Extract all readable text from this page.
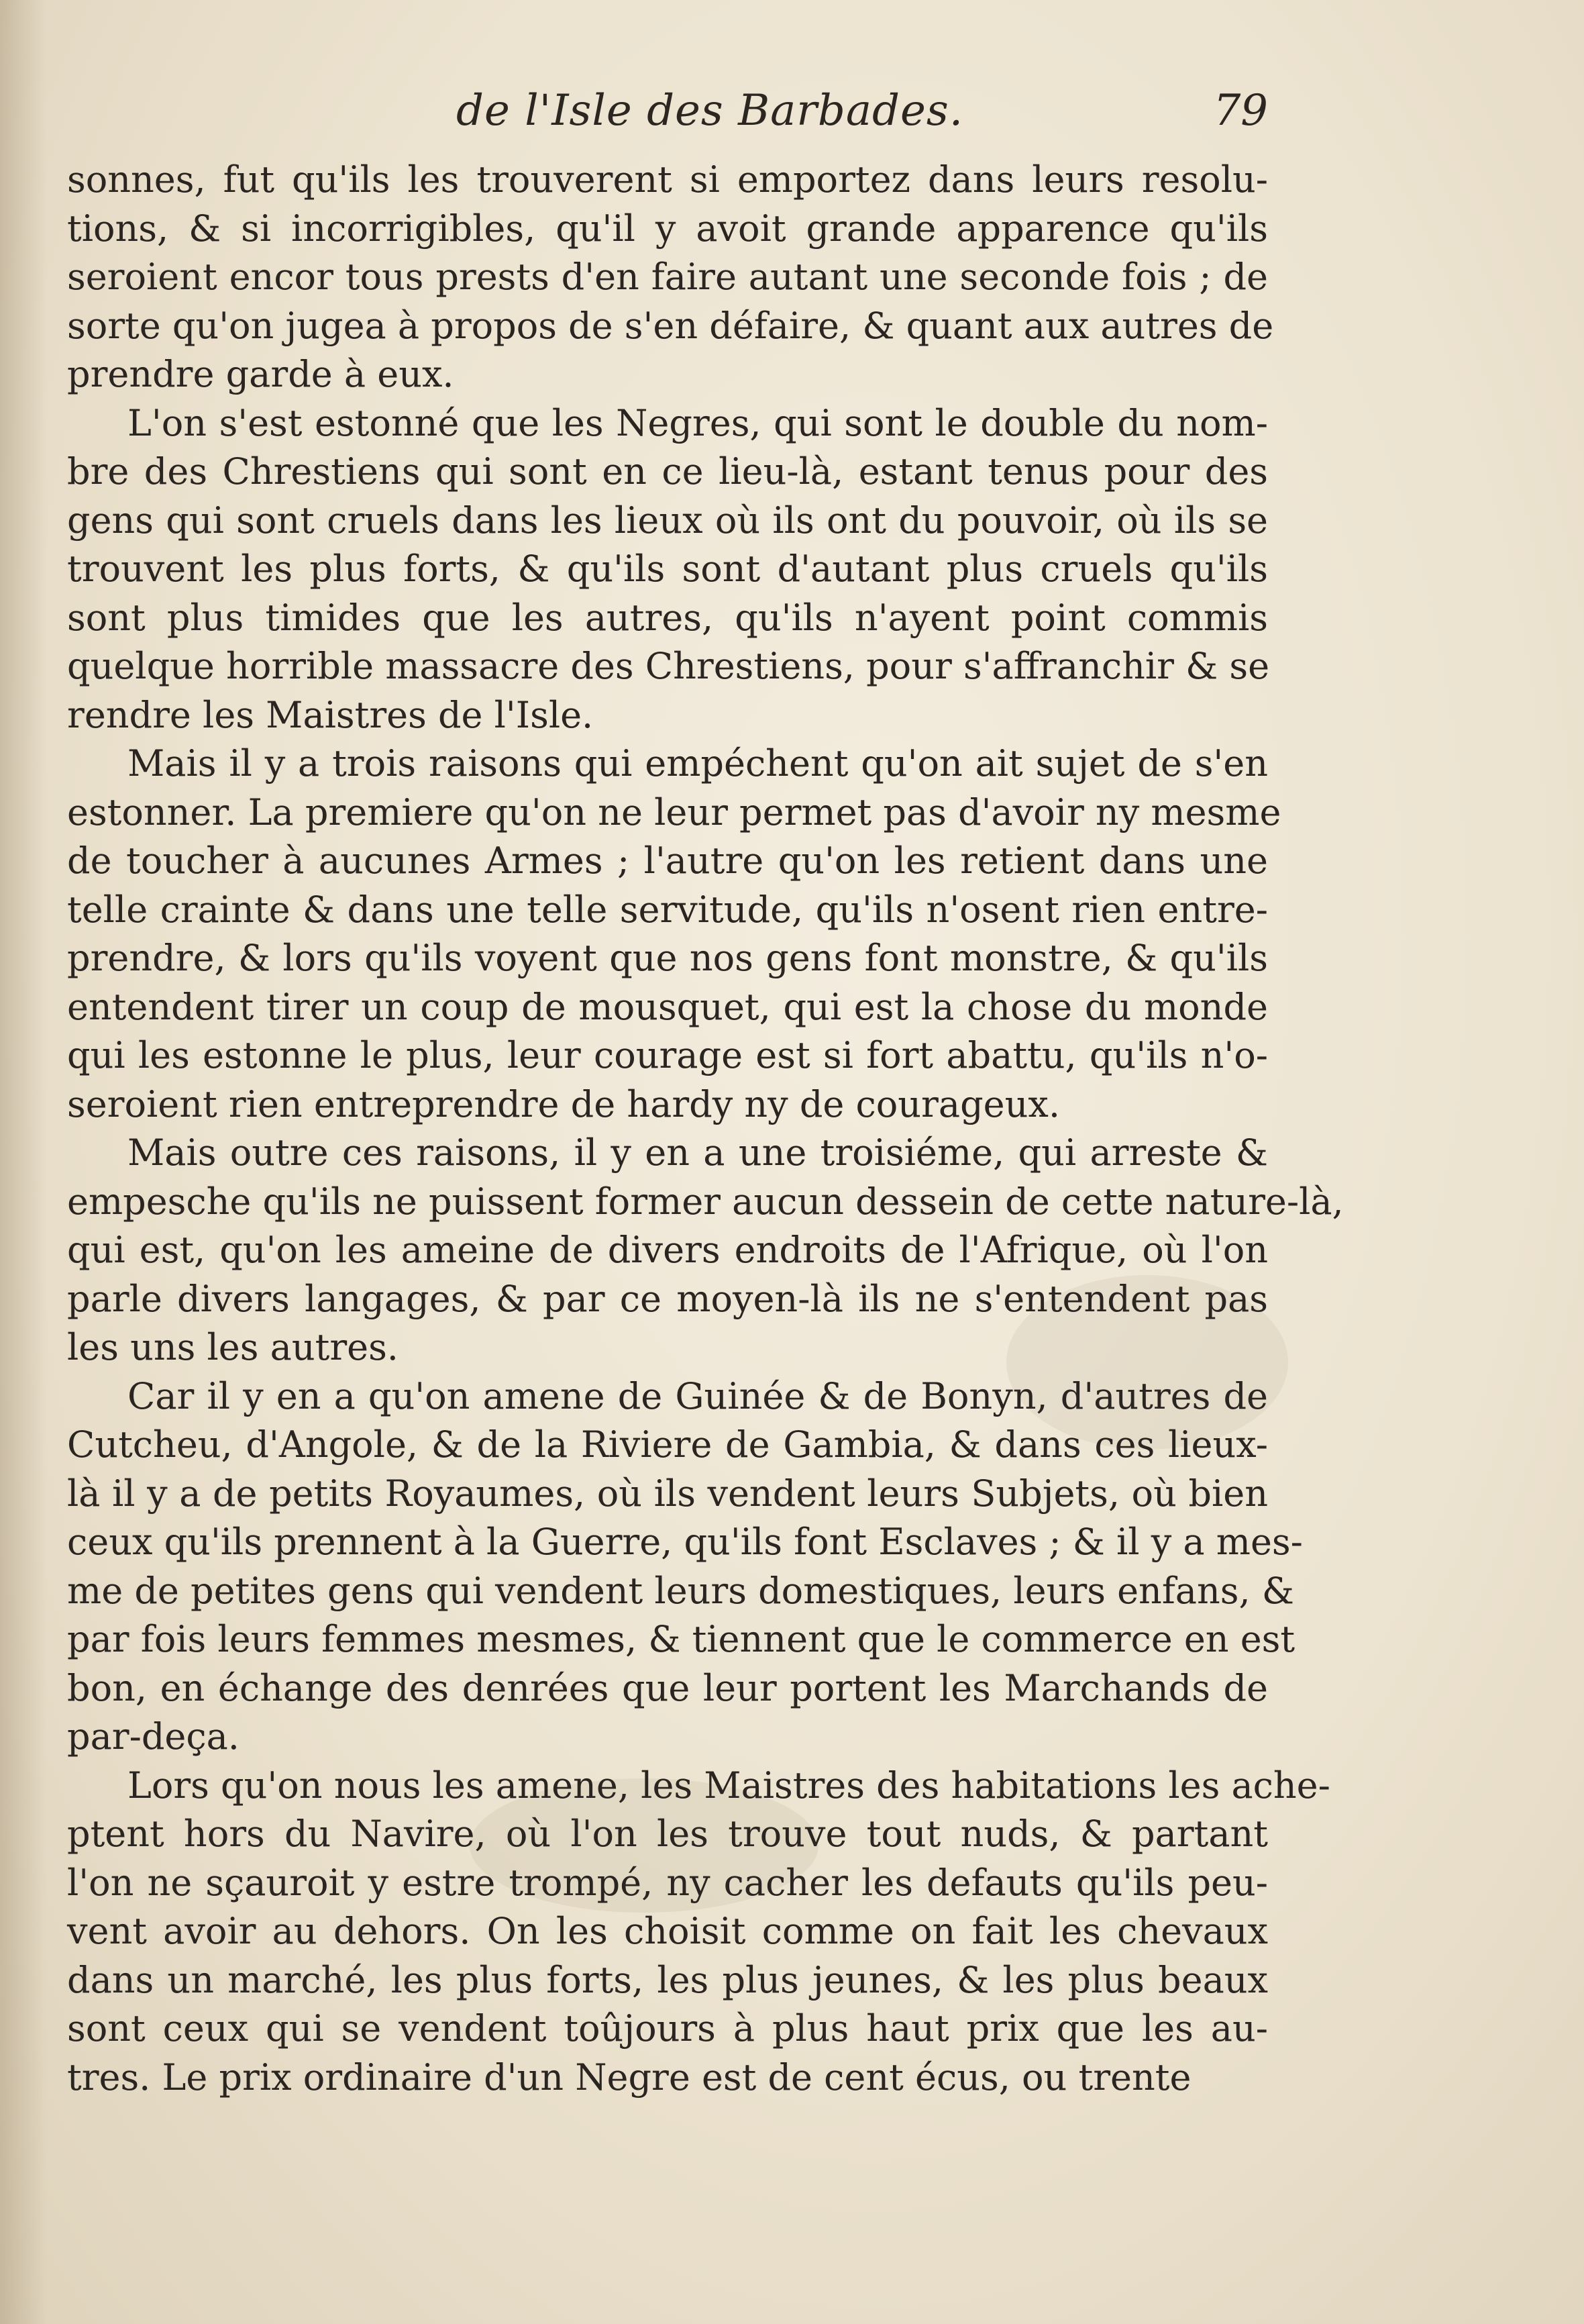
de l'Isle des Barbades.	79
sonnes, fut qu'ils les trouverent si emportez dans leurs resolu-
tions, & si incorrigibles, qu'il y avoit grande apparence qu'ils
seroient encor tous prests d'en faire autant une seconde fois ; de
sorte qu'on jugea à propos de s'en défaire, & quant aux autres de
prendre garde à eux.
L'on s'est estonné que les Negres, qui sont le double du nom-
bre des Chrestiens qui sont en ce lieu-là, estant tenus pour des
gens qui sont cruels dans les lieux où ils ont du pouvoir, où ils se
trouvent les plus forts, & qu'ils sont d'autant plus cruels qu'ils
sont plus timides que les autres, qu'ils n'ayent point commis
quelque horrible massacre des Chrestiens, pour s'affranchir & se
rendre les Maistres de l'Isle.
Mais il y a trois raisons qui empéchent qu'on ait sujet de s'en
estonner. La premiere qu'on ne leur permet pas d'avoir ny mesme
de toucher à aucunes Armes ; l'autre qu'on les retient dans une
telle crainte & dans une telle servitude, qu'ils n'osent rien entre-
prendre, & lors qu'ils voyent que nos gens font monstre, & qu'ils
entendent tirer un coup de mousquet, qui est la chose du monde
qui les estonne le plus, leur courage est si fort abattu, qu'ils n'o-
seroient rien entreprendre de hardy ny de courageux.
Mais outre ces raisons, il y en a une troisiéme, qui arreste &
empesche qu'ils ne puissent former aucun dessein de cette nature-là,
qui est, qu'on les ameine de divers endroits de l'Afrique, où l'on
parle divers langages, & par ce moyen-là ils ne s'entendent pas
les uns les autres.
Car il y en a qu'on amene de Guinée & de Bonyn, d'autres de
Cutcheu, d'Angole, & de la Riviere de Gambia, & dans ces lieux-
là il y a de petits Royaumes, où ils vendent leurs Subjets, où bien
ceux qu'ils prennent à la Guerre, qu'ils font Esclaves ; & il y a mes-
me de petites gens qui vendent leurs domestiques, leurs enfans, &
par fois leurs femmes mesmes, & tiennent que le commerce en est
bon, en échange des denrées que leur portent les Marchands de
par-deça.
Lors qu'on nous les amene, les Maistres des habitations les ache-
ptent hors du Navire, où l'on les trouve tout nuds, & partant
l'on ne sçauroit y estre trompé, ny cacher les defauts qu'ils peu-
vent avoir au dehors. On les choisit comme on fait les chevaux
dans un marché, les plus forts, les plus jeunes, & les plus beaux
sont ceux qui se vendent toûjours à plus haut prix que les au-
tres. Le prix ordinaire d'un Negre est de cent écus, ou trente
